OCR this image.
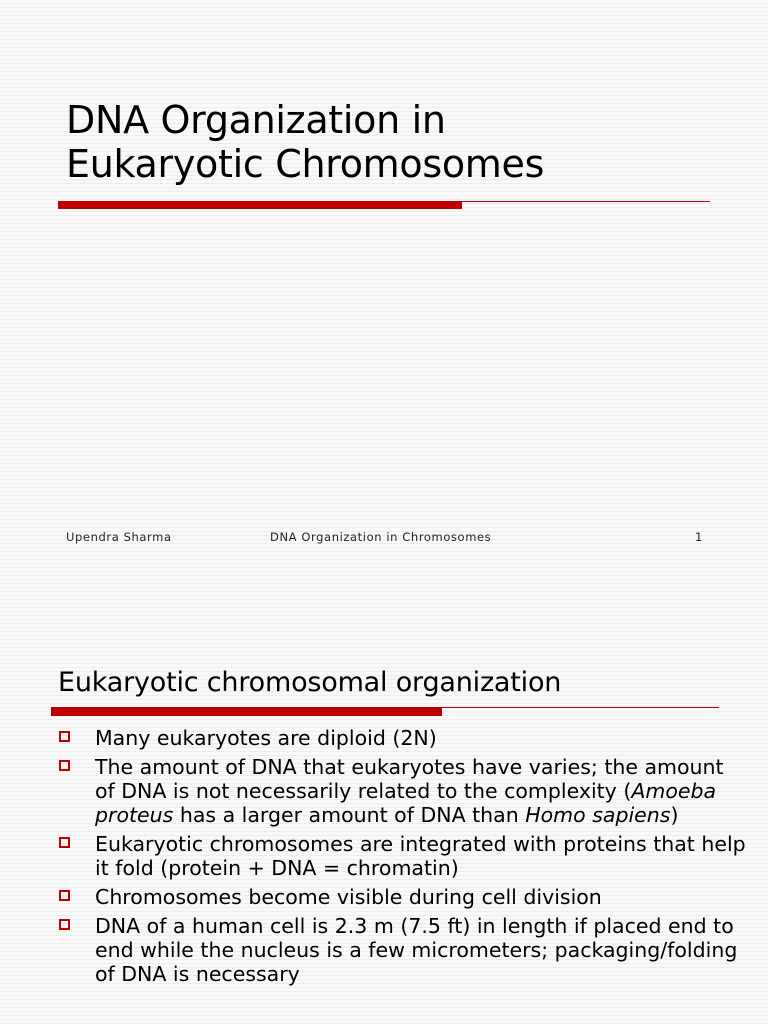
DNA Organization in
Eukaryotic Chromosomes
Upendra Sharma	DNA Organization in Chromosomes	1
Eukaryotic chromosomal organization
Many eukaryotes are diploid (2N)
The amount of DNA that eukaryotes have varies; the amount of DNA is not necessarily related to the complexity (Amoeba proteus has a larger amount of DNA than Homo sapiens)
Eukaryotic chromosomes are integrated with proteins that help it fold (protein + DNA = chromatin)
Chromosomes become visible during cell division
DNA of a human cell is 2.3 m (7.5 ft) in length if placed end to end while the nucleus is a few micrometers; packaging/folding of DNA is necessary
